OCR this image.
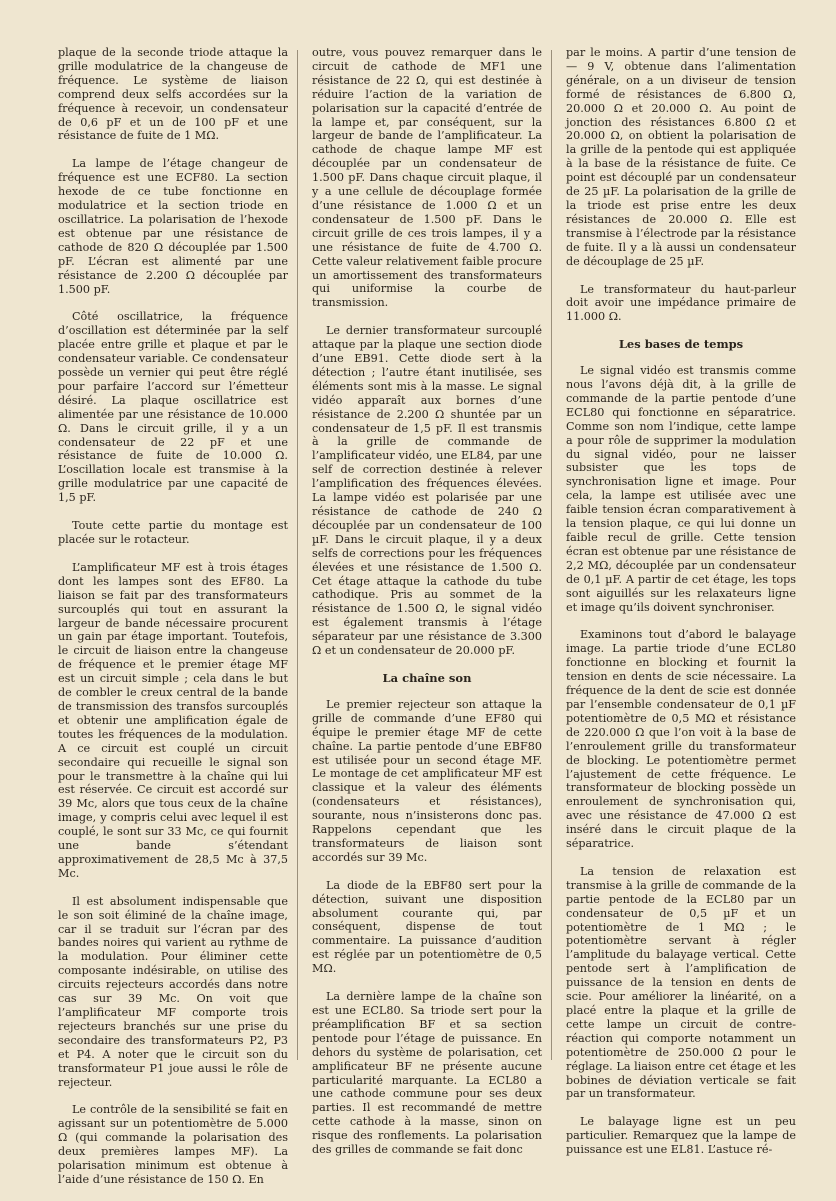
plaque de la seconde triode attaque la grille modulatrice de la changeuse de fréquence. Le système de liaison comprend deux selfs accordées sur la fréquence à recevoir, un condensateur de 0,6 pF et un de 100 pF et une résistance de fuite de 1 MΩ.

La lampe de l’étage changeur de fréquence est une ECF80. La section hexode de ce tube fonctionne en modulatrice et la section triode en oscillatrice. La polarisation de l’hexode est obtenue par une résistance de cathode de 820 Ω découplée par 1.500 pF. L’écran est alimenté par une résistance de 2.200 Ω découplée par 1.500 pF.

Côté oscillatrice, la fréquence d’oscillation est déterminée par la self placée entre grille et plaque et par le condensateur variable. Ce condensateur possède un vernier qui peut être réglé pour parfaire l’accord sur l’émetteur désiré. La plaque oscillatrice est alimentée par une résistance de 10.000 Ω. Dans le circuit grille, il y a un condensateur de 22 pF et une résistance de fuite de 10.000 Ω. L’oscillation locale est transmise à la grille modulatrice par une capacité de 1,5 pF.

Toute cette partie du montage est placée sur le rotacteur.

L’amplificateur MF est à trois étages dont les lampes sont des EF80. La liaison se fait par des transformateurs surcouplés qui tout en assurant la largeur de bande nécessaire procurent un gain par étage important. Toutefois, le circuit de liaison entre la changeuse de fréquence et le premier étage MF est un circuit simple ; cela dans le but de combler le creux central de la bande de transmission des transfos surcouplés et obtenir une amplification égale de toutes les fréquences de la modulation. A ce circuit est couplé un circuit secondaire qui recueille le signal son pour le transmettre à la chaîne qui lui est réservée. Ce circuit est accordé sur 39 Mc, alors que tous ceux de la chaîne image, y compris celui avec lequel il est couplé, le sont sur 33 Mc, ce qui fournit une bande s’étendant approximativement de 28,5 Mc à 37,5 Mc.

Il est absolument indispensable que le son soit éliminé de la chaîne image, car il se traduit sur l’écran par des bandes noires qui varient au rythme de la modulation. Pour éliminer cette composante indésirable, on utilise des circuits rejecteurs accordés dans notre cas sur 39 Mc. On voit que l’amplificateur MF comporte trois rejecteurs branchés sur une prise du secondaire des transformateurs P2, P3 et P4. A noter que le circuit son du transformateur P1 joue aussi le rôle de rejecteur.

Le contrôle de la sensibilité se fait en agissant sur un potentiomètre de 5.000 Ω (qui commande la polarisation des deux premières lampes MF). La polarisation minimum est obtenue à l’aide d’une résistance de 150 Ω. En

outre, vous pouvez remarquer dans le circuit de cathode de MF1 une résistance de 22 Ω, qui est destinée à réduire l’action de la variation de polarisation sur la capacité d’entrée de la lampe et, par conséquent, sur la largeur de bande de l’amplificateur. La cathode de chaque lampe MF est découplée par un condensateur de 1.500 pF. Dans chaque circuit plaque, il y a une cellule de découplage formée d’une résistance de 1.000 Ω et un condensateur de 1.500 pF. Dans le circuit grille de ces trois lampes, il y a une résistance de fuite de 4.700 Ω. Cette valeur relativement faible procure un amortissement des transformateurs qui uniformise la courbe de transmission.

Le dernier transformateur surcouplé attaque par la plaque une section diode d’une EB91. Cette diode sert à la détection ; l’autre étant inutilisée, ses éléments sont mis à la masse. Le signal vidéo apparaît aux bornes d’une résistance de 2.200 Ω shuntée par un condensateur de 1,5 pF. Il est transmis à la grille de commande de l’amplificateur vidéo, une EL84, par une self de correction destinée à relever l’amplification des fréquences élevées. La lampe vidéo est polarisée par une résistance de cathode de 240 Ω découplée par un condensateur de 100 µF. Dans le circuit plaque, il y a deux selfs de corrections pour les fréquences élevées et une résistance de 1.500 Ω. Cet étage attaque la cathode du tube cathodique. Pris au sommet de la résistance de 1.500 Ω, le signal vidéo est également transmis à l’étage séparateur par une résistance de 3.300 Ω et un condensateur de 20.000 pF.

La chaîne son

Le premier rejecteur son attaque la grille de commande d’une EF80 qui équipe le premier étage MF de cette chaîne. La partie pentode d’une EBF80 est utilisée pour un second étage MF. Le montage de cet amplificateur MF est classique et la valeur des éléments (condensateurs et résistances), sourante, nous n’insisterons donc pas. Rappelons cependant que les transformateurs de liaison sont accordés sur 39 Mc.

La diode de la EBF80 sert pour la détection, suivant une disposition absolument courante qui, par conséquent, dispense de tout commentaire. La puissance d’audition est réglée par un potentiomètre de 0,5 MΩ.

La dernière lampe de la chaîne son est une ECL80. Sa triode sert pour la préamplification BF et sa section pentode pour l’étage de puissance. En dehors du système de polarisation, cet amplificateur BF ne présente aucune particularité marquante. La ECL80 a une cathode commune pour ses deux parties. Il est recommandé de mettre cette cathode à la masse, sinon on risque des ronflements. La polarisation des grilles de commande se fait donc

par le moins. A partir d’une tension de — 9 V, obtenue dans l’alimentation générale, on a un diviseur de tension formé de résistances de 6.800 Ω, 20.000 Ω et 20.000 Ω. Au point de jonction des résistances 6.800 Ω et 20.000 Ω, on obtient la polarisation de la grille de la pentode qui est appliquée à la base de la résistance de fuite. Ce point est découplé par un condensateur de 25 µF. La polarisation de la grille de la triode est prise entre les deux résistances de 20.000 Ω. Elle est transmise à l’électrode par la résistance de fuite. Il y a là aussi un condensateur de découplage de 25 µF.

Le transformateur du haut-parleur doit avoir une impédance primaire de 11.000 Ω.

Les bases de temps

Le signal vidéo est transmis comme nous l’avons déjà dit, à la grille de commande de la partie pentode d’une ECL80 qui fonctionne en séparatrice. Comme son nom l’indique, cette lampe a pour rôle de supprimer la modulation du signal vidéo, pour ne laisser subsister que les tops de synchronisation ligne et image. Pour cela, la lampe est utilisée avec une faible tension écran comparativement à la tension plaque, ce qui lui donne un faible recul de grille. Cette tension écran est obtenue par une résistance de 2,2 MΩ, découplée par un condensateur de 0,1 µF. A partir de cet étage, les tops sont aiguillés sur les relaxateurs ligne et image qu’ils doivent synchroniser.

Examinons tout d’abord le balayage image. La partie triode d’une ECL80 fonctionne en blocking et fournit la tension en dents de scie nécessaire. La fréquence de la dent de scie est donnée par l’ensemble condensateur de 0,1 µF potentiomètre de 0,5 MΩ et résistance de 220.000 Ω que l’on voit à la base de l’enroulement grille du transformateur de blocking. Le potentiomètre permet l’ajustement de cette fréquence. Le transformateur de blocking possède un enroulement de synchronisation qui, avec une résistance de 47.000 Ω est inséré dans le circuit plaque de la séparatrice.

La tension de relaxation est transmise à la grille de commande de la partie pentode de la ECL80 par un condensateur de 0,5 µF et un potentiomètre de 1 MΩ ; le potentiomètre servant à régler l’amplitude du balayage vertical. Cette pentode sert à l’amplification de puissance de la tension en dents de scie. Pour améliorer la linéarité, on a placé entre la plaque et la grille de cette lampe un circuit de contre-réaction qui comporte notamment un potentiomètre de 250.000 Ω pour le réglage. La liaison entre cet étage et les bobines de déviation verticale se fait par un transformateur.

Le balayage ligne est un peu particulier. Remarquez que la lampe de puissance est une EL81. L’astuce ré-
